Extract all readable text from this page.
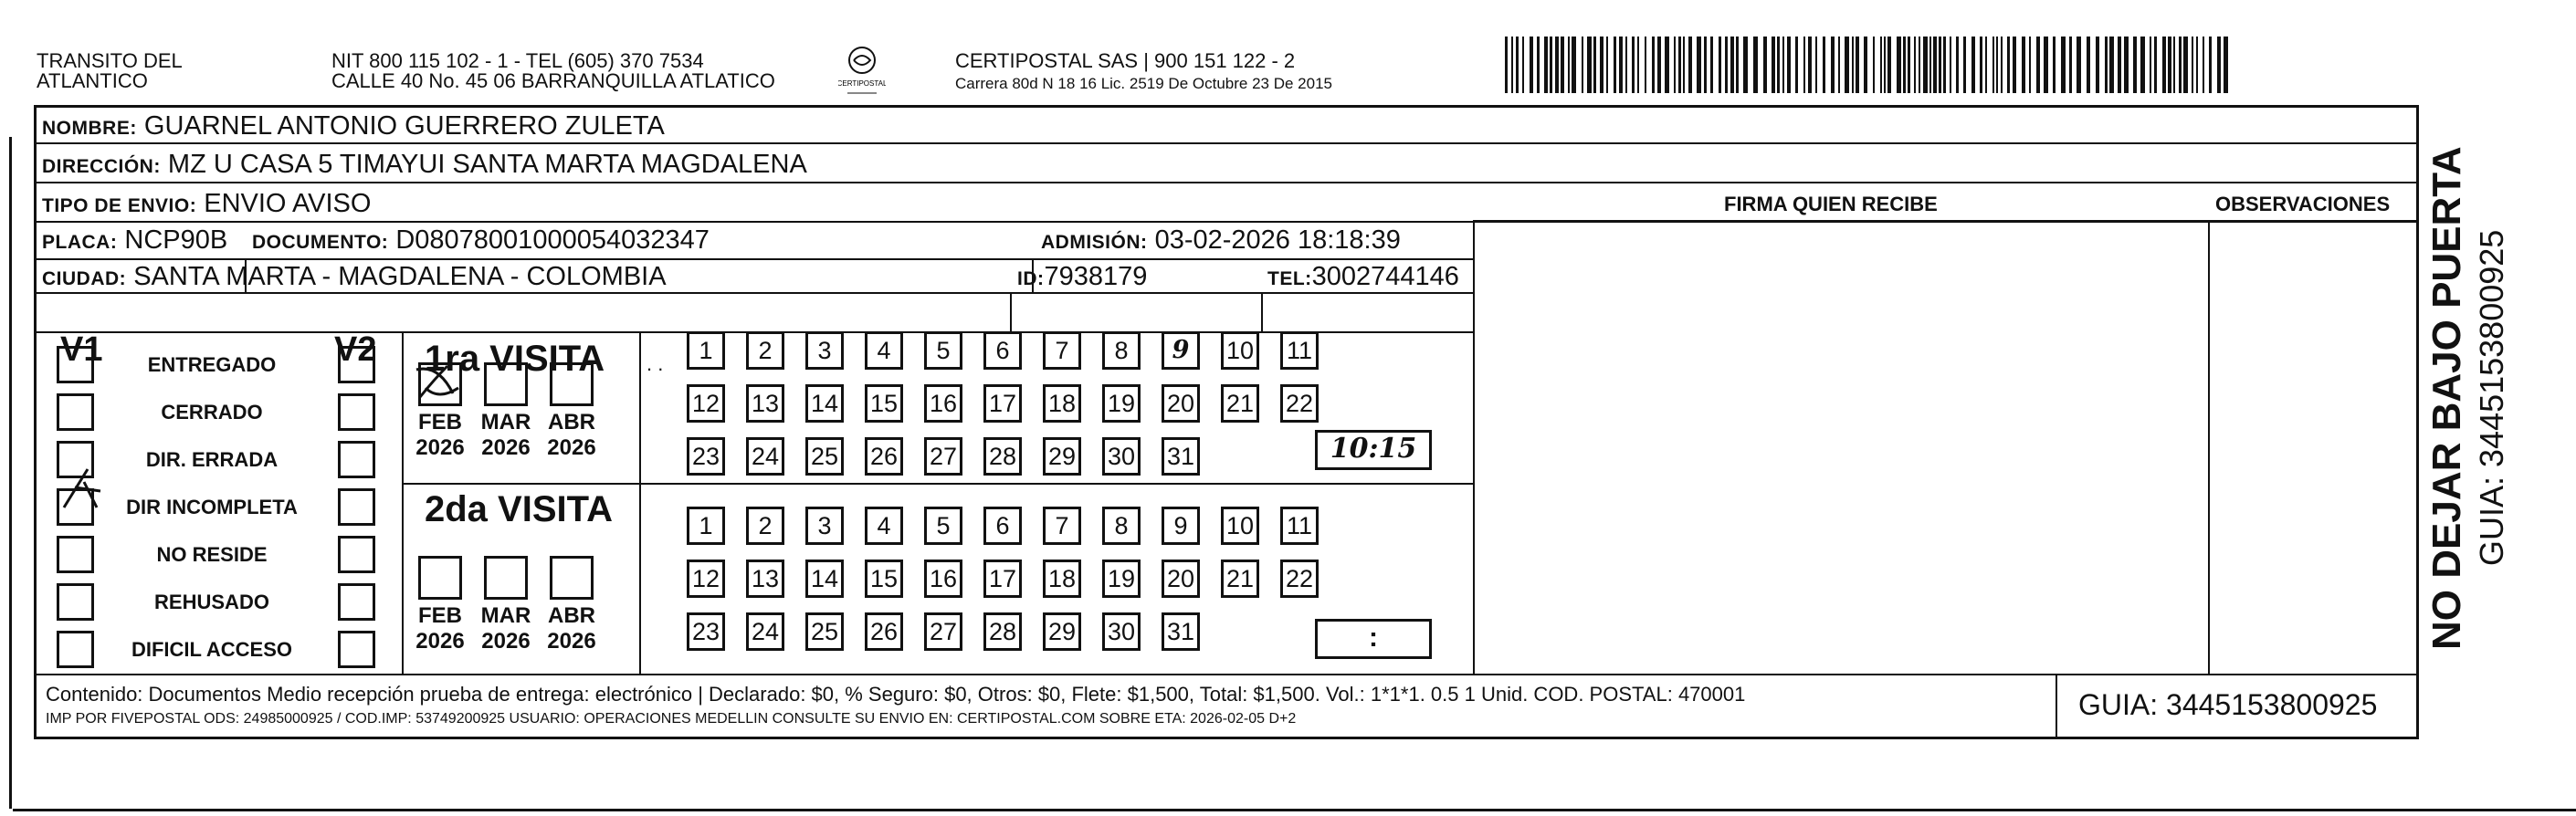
TRANSITO DEL
ATLANTICO
NIT 800 115 102 - 1 - TEL (605) 370 7534
CALLE 40 No. 45 06 BARRANQUILLA ATLATICO	CERTIPOSTAL
CERTIPOSTAL SAS | 900 151 122 - 2
Carrera 80d N 18 16 Lic. 2519 De Octubre 23 De 2015
NOMBRE: GUARNEL ANTONIO GUERRERO ZULETA
DIRECCIÓN: MZ U CASA 5 TIMAYUI SANTA MARTA MAGDALENA
TIPO DE ENVIO: ENVIO AVISO	FIRMA QUIEN RECIBE	OBSERVACIONES
PLACA: NCP90B DOCUMENTO: D08078001000054032347	ADMISIÓN: 03-02-2026 18:18:39
CIUDAD: SANTA MARTA - MAGDALENA - COLOMBIA	ID:7938179	TEL:3002744146
V1	V2
ENTREGADO
CERRADO
DIR. ERRADA
DIR INCOMPLETA
NO RESIDE
REHUSADO
DIFICIL ACCESO
1ra VISITA
FEB
2026
MAR
2026
ABR
2026
. .	1	2	3	4	5	6	7	8	9	10 11
12 13 14 15 16 17 18 19 20 21 22
23 24 25 26 27 28 29 30 31	10:15
2da VISITA
FEB
2026
MAR
2026
ABR
2026
1	2	3	4	5	6	7	8	9	10 11
12 13 14 15 16 17 18 19 20 21 22
23 24 25 26 27 28 29 30 31	:
Contenido: Documentos Medio recepción prueba de entrega: electrónico | Declarado: $0, % Seguro: $0, Otros: $0, Flete: $1,500, Total: $1,500. Vol.: 1*1*1. 0.5 1 Unid. COD. POSTAL: 470001
IMP POR FIVEPOSTAL ODS: 24985000925 / COD.IMP: 53749200925 USUARIO: OPERACIONES MEDELLIN CONSULTE SU ENVIO EN: CERTIPOSTAL.COM SOBRE ETA: 2026-02-05 D+2	GUIA: 3445153800925
NO DEJAR BAJO PUERTA GUIA: 3445153800925
